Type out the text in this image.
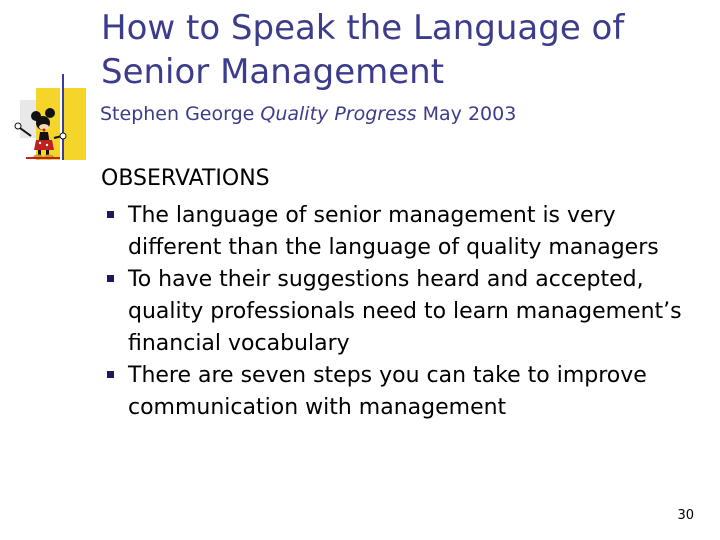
How to Speak the Language of
Senior Management
Stephen George Quality Progress May 2003
OBSERVATIONS
The language of senior management is very different than the language of quality managers
To have their suggestions heard and accepted, quality professionals need to learn management’s financial vocabulary
There are seven steps you can take to improve communication with management
30
